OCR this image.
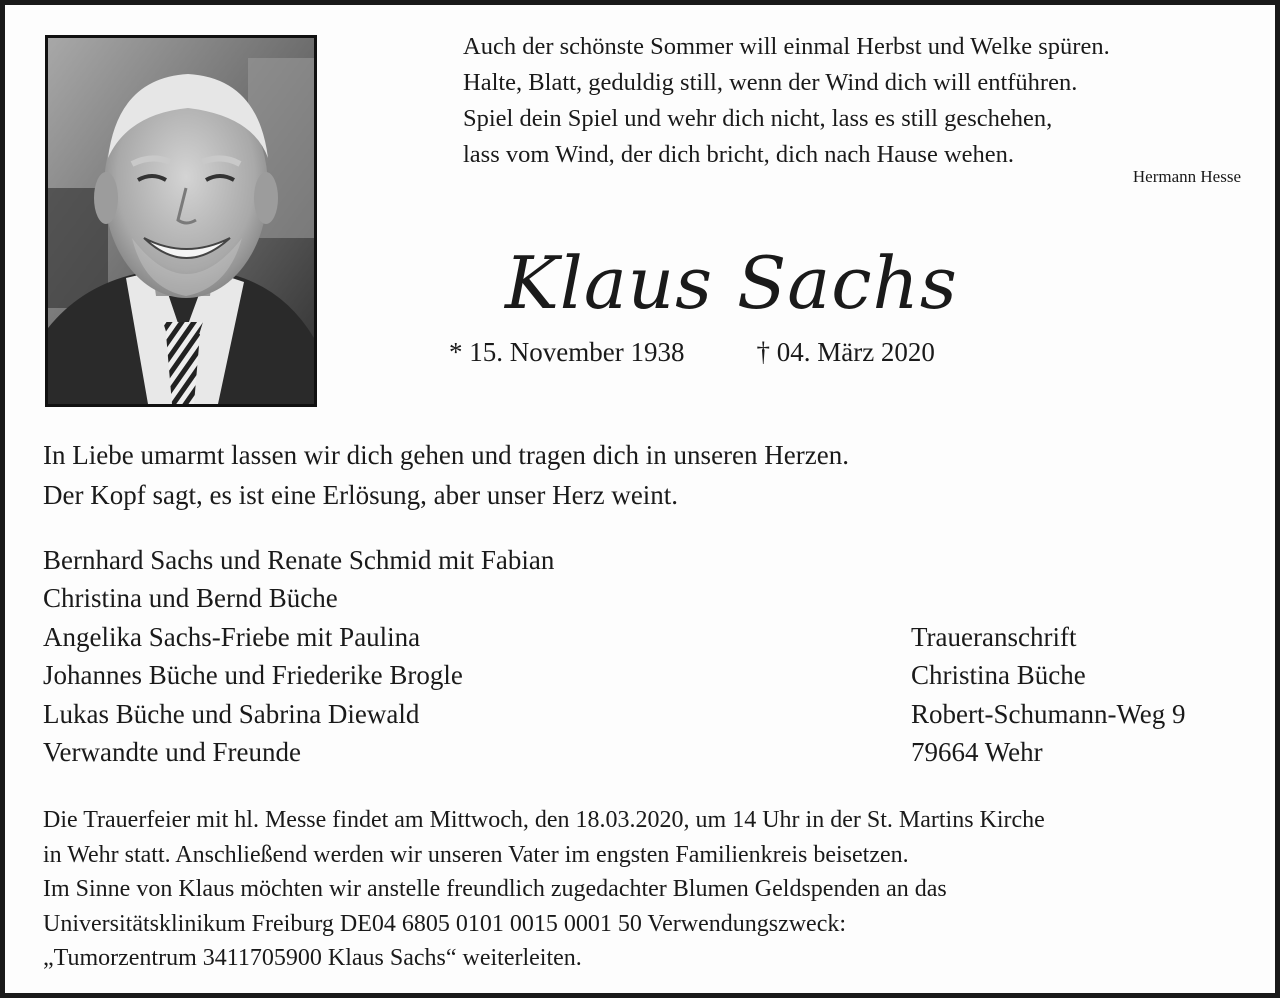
Auch der schönste Sommer will einmal Herbst und Welke spüren.
Halte, Blatt, geduldig still, wenn der Wind dich will entführen.
Spiel dein Spiel und wehr dich nicht, lass es still geschehen,
lass vom Wind, der dich bricht, dich nach Hause wehen.
Hermann Hesse
Klaus Sachs
* 15. November 1938	† 04. März 2020
In Liebe umarmt lassen wir dich gehen und tragen dich in unseren Herzen.
Der Kopf sagt, es ist eine Erlösung, aber unser Herz weint.
Bernhard Sachs und Renate Schmid mit Fabian
Christina und Bernd Büche
Angelika Sachs-Friebe mit Paulina
Johannes Büche und Friederike Brogle
Lukas Büche und Sabrina Diewald
Verwandte und Freunde
Traueranschrift
Christina Büche
Robert-Schumann-Weg 9
79664 Wehr
Die Trauerfeier mit hl. Messe findet am Mittwoch, den 18.03.2020, um 14 Uhr in der St. Martins Kirche
in Wehr statt. Anschließend werden wir unseren Vater im engsten Familienkreis beisetzen.
Im Sinne von Klaus möchten wir anstelle freundlich zugedachter Blumen Geldspenden an das
Universitätsklinikum Freiburg DE04 6805 0101 0015 0001 50 Verwendungszweck:
„Tumorzentrum 3411705900 Klaus Sachs“ weiterleiten.
